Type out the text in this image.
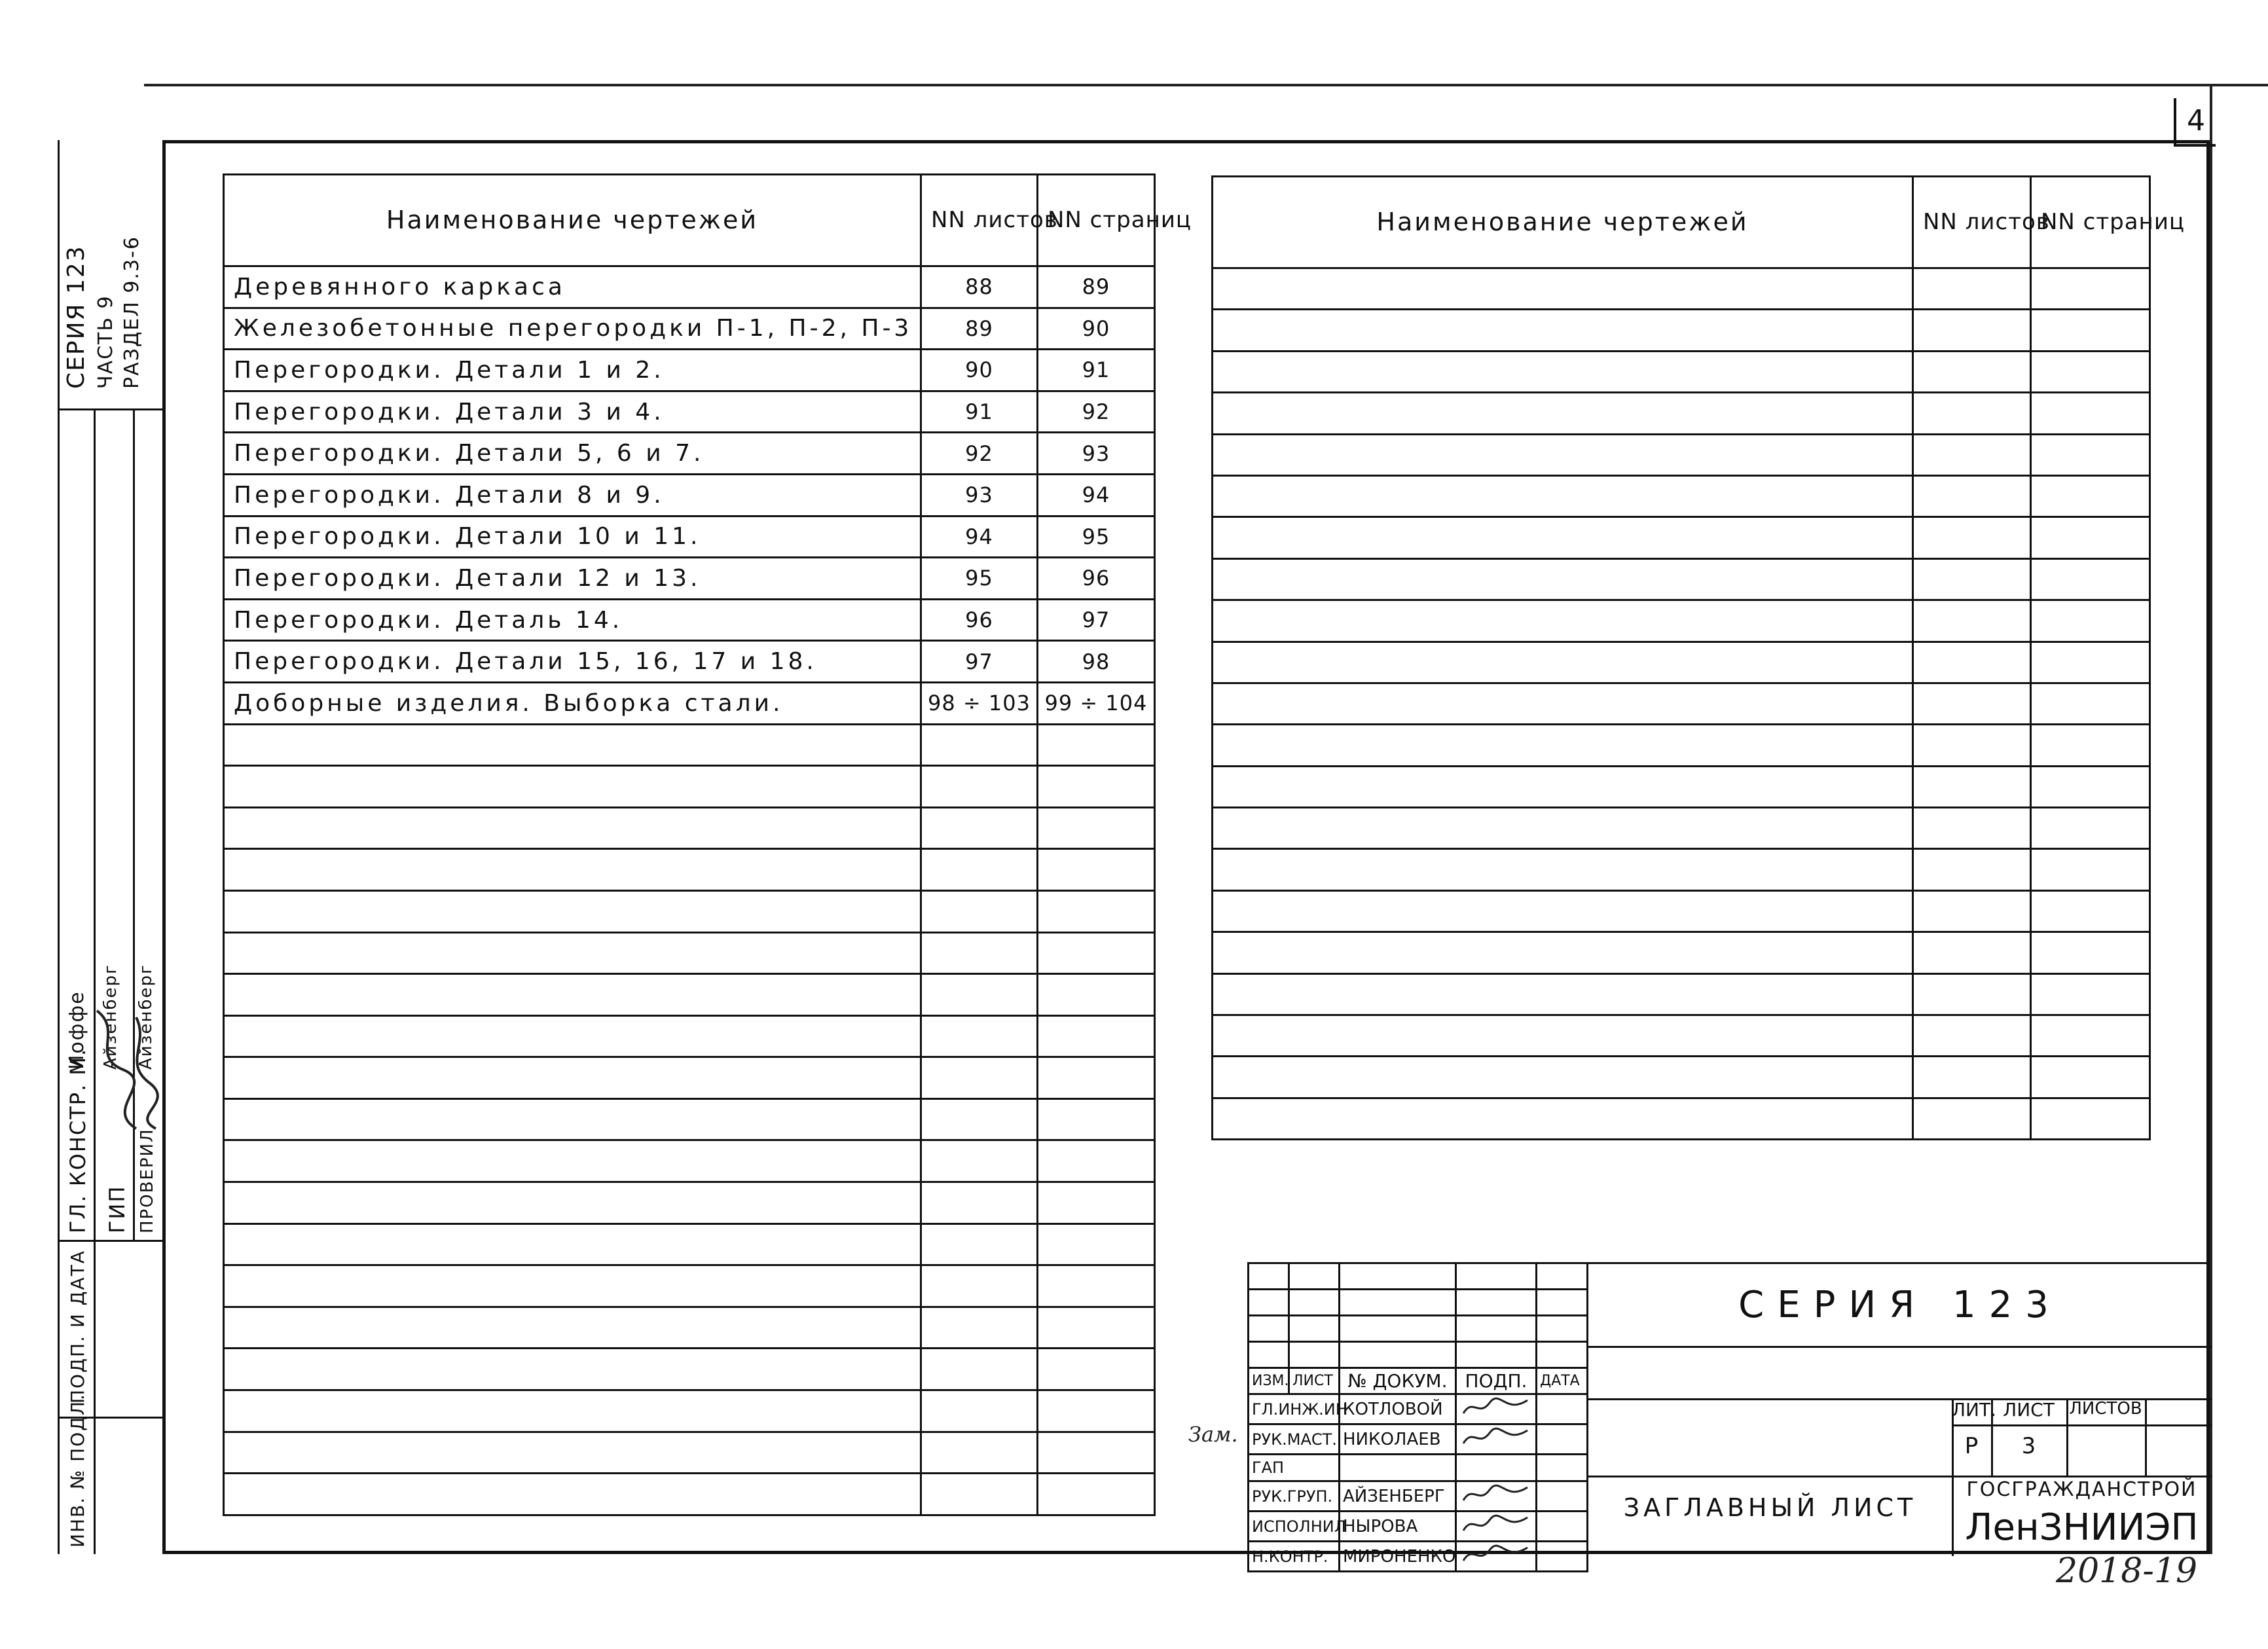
4
СЕРИЯ 123 ЧАСТЬ 9 РАЗДЕЛ 9.3-6
ГЛ. КОНСТР. М. ГИП ПРОВЕРИЛ
Иоффе Айзенберг Айзенберг
ПОДП. И ДАТА
ИНВ. № ПОДЛ.
Наименование чертежей	NN листов	NN страниц
Деревянного каркаса	88	89
Железобетонные перегородки П-1, П-2, П-3	89	90
Перегородки. Детали 1 и 2.	90	91
Перегородки. Детали 3 и 4.	91	92
Перегородки. Детали 5, 6 и 7.	92	93
Перегородки. Детали 8 и 9.	93	94
Перегородки. Детали 10 и 11.	94	95
Перегородки. Детали 12 и 13.	95	96
Перегородки. Деталь 14.	96	97
Перегородки. Детали 15, 16, 17 и 18.	97	98
Доборные изделия. Выборка стали.	98 ÷ 103	99 ÷ 104

Наименование чертежей	NN листов	NN страниц

ИЗМ.	ЛИСТ	№ ДОКУМ.	ПОДП.	ДАТА
ГЛ.ИНЖ.ИН		КОТЛОВОЙ		
РУК.МАСТ.		НИКОЛАЕВ		
ГАП				
РУК.ГРУП.		АЙЗЕНБЕРГ		
ИСПОЛНИЛ		НЫРОВА		
Н.КОНТР.		МИРОНЕНКО		
СЕРИЯ 123
ЛИТ. ЛИСТ ЛИСТОВ
Р	3
ЗАГЛАВНЫЙ ЛИСТ
ГОСГРАЖДАНСТРОЙ
ЛенЗНИИЭП
Зам.
2018-19
